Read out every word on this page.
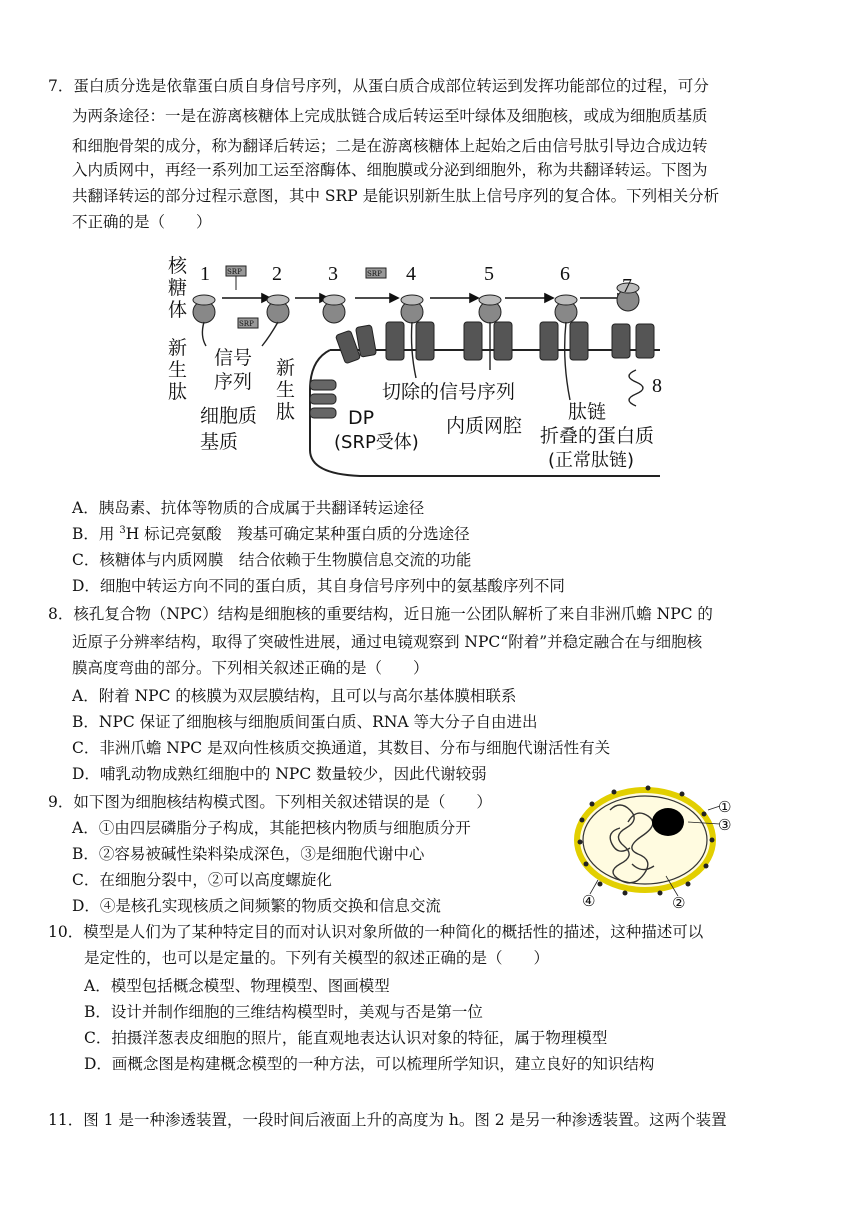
7．蛋白质分选是依靠蛋白质自身信号序列，从蛋白质合成部位转运到发挥功能部位的过程，可分
为两条途径：一是在游离核糖体上完成肽链合成后转运至叶绿体及细胞核，或成为细胞质基质
和细胞骨架的成分，称为翻译后转运；二是在游离核糖体上起始之后由信号肽引导边合成边转
入内质网中，再经一系列加工运至溶酶体、细胞膜或分泌到细胞外，称为共翻译转运。下图为
共翻译转运的部分过程示意图，其中 SRP 是能识别新生肽上信号序列的复合体。下列相关分析
不正确的是（　　）
SRP
SRP
SRP
1	2 3	4	5	6
7
8
核
糖
体
新
生
肽
信号
序列
新
生
肽
细胞质
基质
DP
(SRP受体)
切除的信号序列
内质网腔
肽链
折叠的蛋白质
(正常肽链)
A．胰岛素、抗体等物质的合成属于共翻译转运途径
B．用 $^3$H 标记亮氨酸　羧基可确定某种蛋白质的分选途径
C．核糖体与内质网膜　结合依赖于生物膜信息交流的功能
D．细胞中转运方向不同的蛋白质，其自身信号序列中的氨基酸序列不同
8．核孔复合物（NPC）结构是细胞核的重要结构，近日施一公团队解析了来自非洲爪蟾 NPC 的
近原子分辨率结构，取得了突破性进展，通过电镜观察到 NPC“附着”并稳定融合在与细胞核
膜高度弯曲的部分。下列相关叙述正确的是（　　）
A．附着 NPC 的核膜为双层膜结构，且可以与高尔基体膜相联系
B．NPC 保证了细胞核与细胞质间蛋白质、RNA 等大分子自由进出
C．非洲爪蟾 NPC 是双向性核质交换通道，其数目、分布与细胞代谢活性有关
D．哺乳动物成熟红细胞中的 NPC 数量较少，因此代谢较弱
9．如下图为细胞核结构模式图。下列相关叙述错误的是（　　）
A．①由四层磷脂分子构成，其能把核内物质与细胞质分开
B．②容易被碱性染料染成深色，③是细胞代谢中心
C．在细胞分裂中，②可以高度螺旋化
D．④是核孔实现核质之间频繁的物质交换和信息交流
①
③
④	②
10．模型是人们为了某种特定目的而对认识对象所做的一种简化的概括性的描述，这种描述可以
是定性的，也可以是定量的。下列有关模型的叙述正确的是（　　）
A．模型包括概念模型、物理模型、图画模型
B．设计并制作细胞的三维结构模型时，美观与否是第一位
C．拍摄洋葱表皮细胞的照片，能直观地表达认识对象的特征，属于物理模型
D．画概念图是构建概念模型的一种方法，可以梳理所学知识，建立良好的知识结构
11．图 1 是一种渗透装置，一段时间后液面上升的高度为 h。图 2 是另一种渗透装置。这两个装置
